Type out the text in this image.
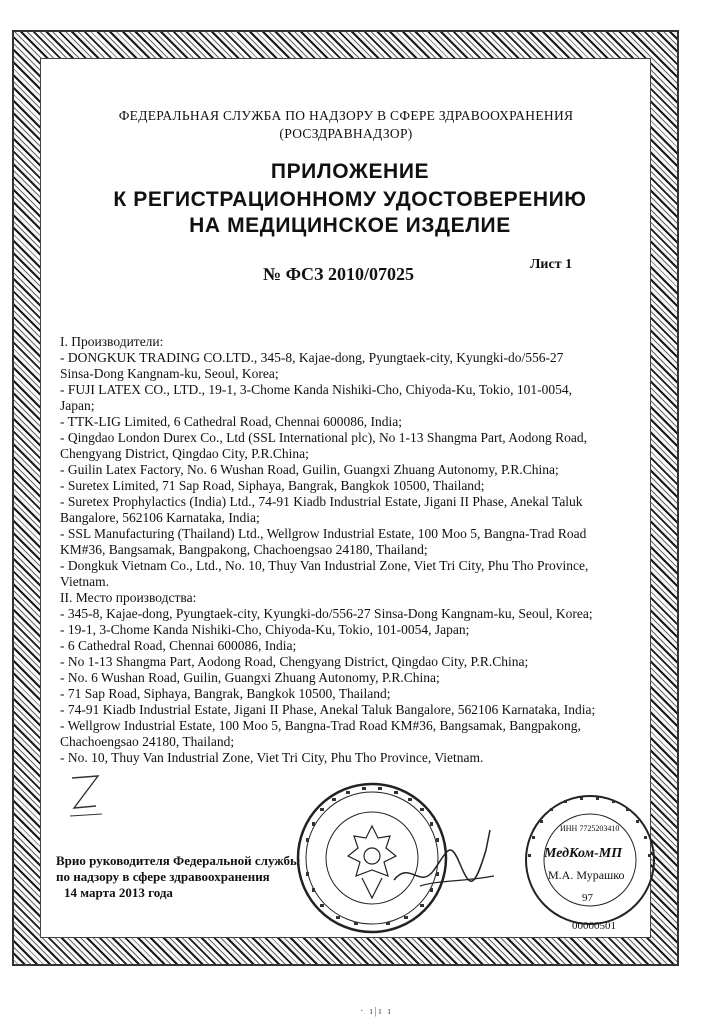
ФЕДЕРАЛЬНАЯ СЛУЖБА ПО НАДЗОРУ В СФЕРЕ ЗДРАВООХРАНЕНИЯ
(РОСЗДРАВНАДЗОР)
ПРИЛОЖЕНИЕ
К РЕГИСТРАЦИОННОМУ УДОСТОВЕРЕНИЮ
НА МЕДИЦИНСКОЕ ИЗДЕЛИЕ
Лист 1
№ ФСЗ 2010/07025
I. Производители:
- DONGKUK TRADING CO.LTD., 345-8, Kajae-dong, Pyungtaek-city, Kyungki-do/556-27
Sinsa-Dong Kangnam-ku, Seoul, Korea;
- FUJI LATEX CO., LTD., 19-1, 3-Chome Kanda Nishiki-Cho, Chiyoda-Ku, Tokio, 101-0054,
Japan;
- TTK-LIG Limited, 6 Cathedral Road, Chennai 600086, India;
- Qingdao London Durex Co., Ltd (SSL International plc), No 1-13 Shangma Part, Aodong Road,
Chengyang District, Qingdao City, P.R.China;
- Guilin Latex Factory, No. 6 Wushan Road, Guilin, Guangxi Zhuang Autonomy, P.R.China;
- Suretex Limited, 71 Sap Road, Siphaya, Bangrak, Bangkok 10500, Thailand;
- Suretex Prophylactics (India) Ltd., 74-91 Kiadb Industrial Estate, Jigani II Phase, Anekal Taluk
Bangalore, 562106 Karnataka, India;
- SSL Manufacturing (Thailand) Ltd., Wellgrow Industrial Estate, 100 Moo 5, Bangna-Trad Road
KM#36, Bangsamak, Bangpakong, Chachoengsao 24180, Thailand;
- Dongkuk Vietnam Co., Ltd., No. 10, Thuy Van Industrial Zone, Viet Tri City, Phu Tho Province,
Vietnam.
II. Место производства:
- 345-8, Kajae-dong, Pyungtaek-city, Kyungki-do/556-27 Sinsa-Dong Kangnam-ku, Seoul, Korea;
- 19-1, 3-Chome Kanda Nishiki-Cho, Chiyoda-Ku, Tokio, 101-0054, Japan;
- 6 Cathedral Road, Chennai 600086, India;
- No 1-13 Shangma Part, Aodong Road, Chengyang District, Qingdao City, P.R.China;
- No. 6 Wushan Road, Guilin, Guangxi Zhuang Autonomy, P.R.China;
- 71 Sap Road, Siphaya, Bangrak, Bangkok 10500, Thailand;
- 74-91 Kiadb Industrial Estate, Jigani II Phase, Anekal Taluk Bangalore, 562106 Karnataka, India;
- Wellgrow Industrial Estate, 100 Moo 5, Bangna-Trad Road KM#36, Bangsamak, Bangpakong,
Chachoengsao 24180, Thailand;
- No. 10, Thuy Van Industrial Zone, Viet Tri City, Phu Tho Province, Vietnam.
Врио руководителя Федеральной службы
по надзору в сфере здравоохранения
14 марта 2013 года
МедКом-МП
М.А. Мурашко
97
ИНН 7725203410
00000501
· ı|ı ı
